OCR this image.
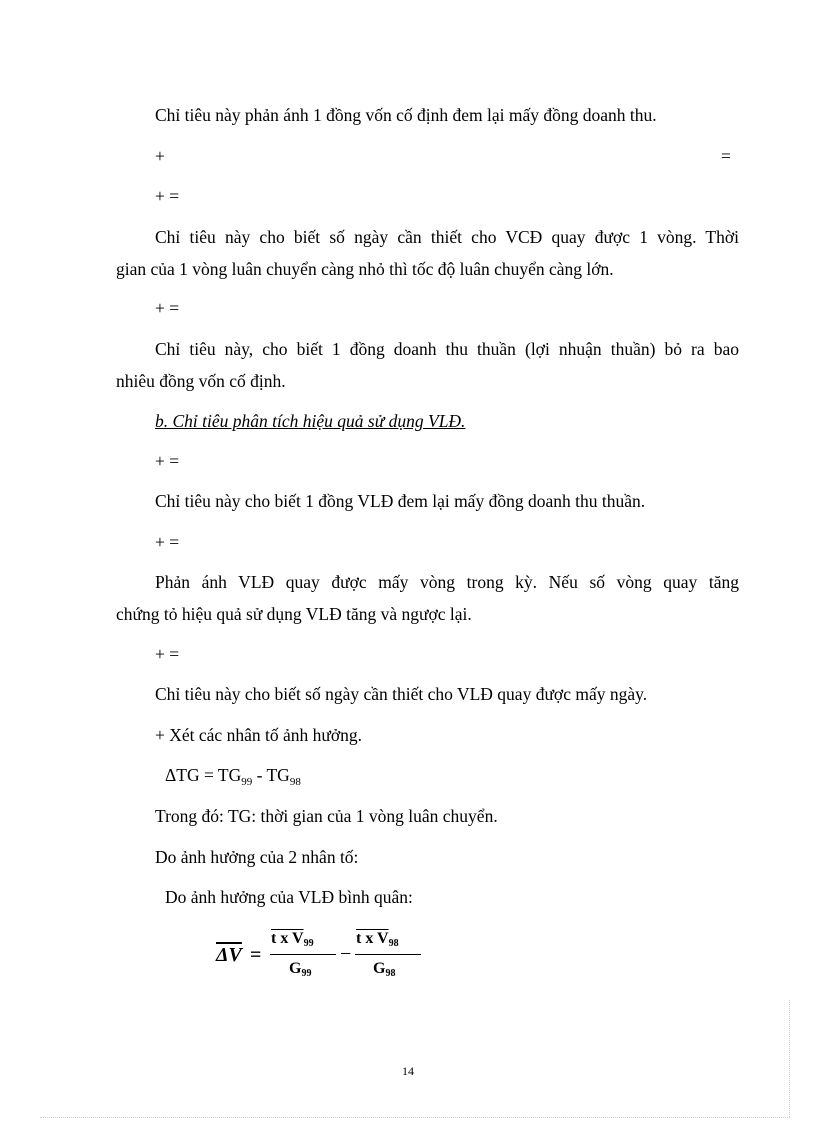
Chỉ tiêu này phản ánh 1 đồng vốn cố định đem lại mấy đồng doanh thu.
+	=
+ =
Chỉ tiêu này cho biết số ngày cần thiết cho VCĐ quay được 1 vòng. Thời
gian của 1 vòng luân chuyển càng nhỏ thì tốc độ luân chuyển càng lớn.
+ =
Chỉ tiêu này, cho biết 1 đồng doanh thu thuần (lợi nhuận thuần) bỏ ra bao
nhiêu đồng vốn cố định.
b. Chỉ tiêu phân tích hiệu quả sử dụng VLĐ.
+ =
Chỉ tiêu này cho biết 1 đồng VLĐ đem lại mấy đồng doanh thu thuần.
+ =
Phản ánh VLĐ quay được mấy vòng trong kỳ. Nếu số vòng quay tăng
chứng tỏ hiệu quả sử dụng VLĐ tăng và ngược lại.
+ =
Chỉ tiêu này cho biết số ngày cần thiết cho VLĐ quay được mấy ngày.
+ Xét các nhân tố ảnh hưởng.
$\Delta TG = TG_{99} - TG_{98}$
Trong đó: TG: thời gian của 1 vòng luân chuyển.
Do ảnh hưởng của 2 nhân tố:
Do ảnh hưởng của VLĐ bình quân:
$\overline{\Delta V}$ =
t x $V_{99}$
$G_{99}$
−
t x $V_{98}$
$G_{98}$
14
